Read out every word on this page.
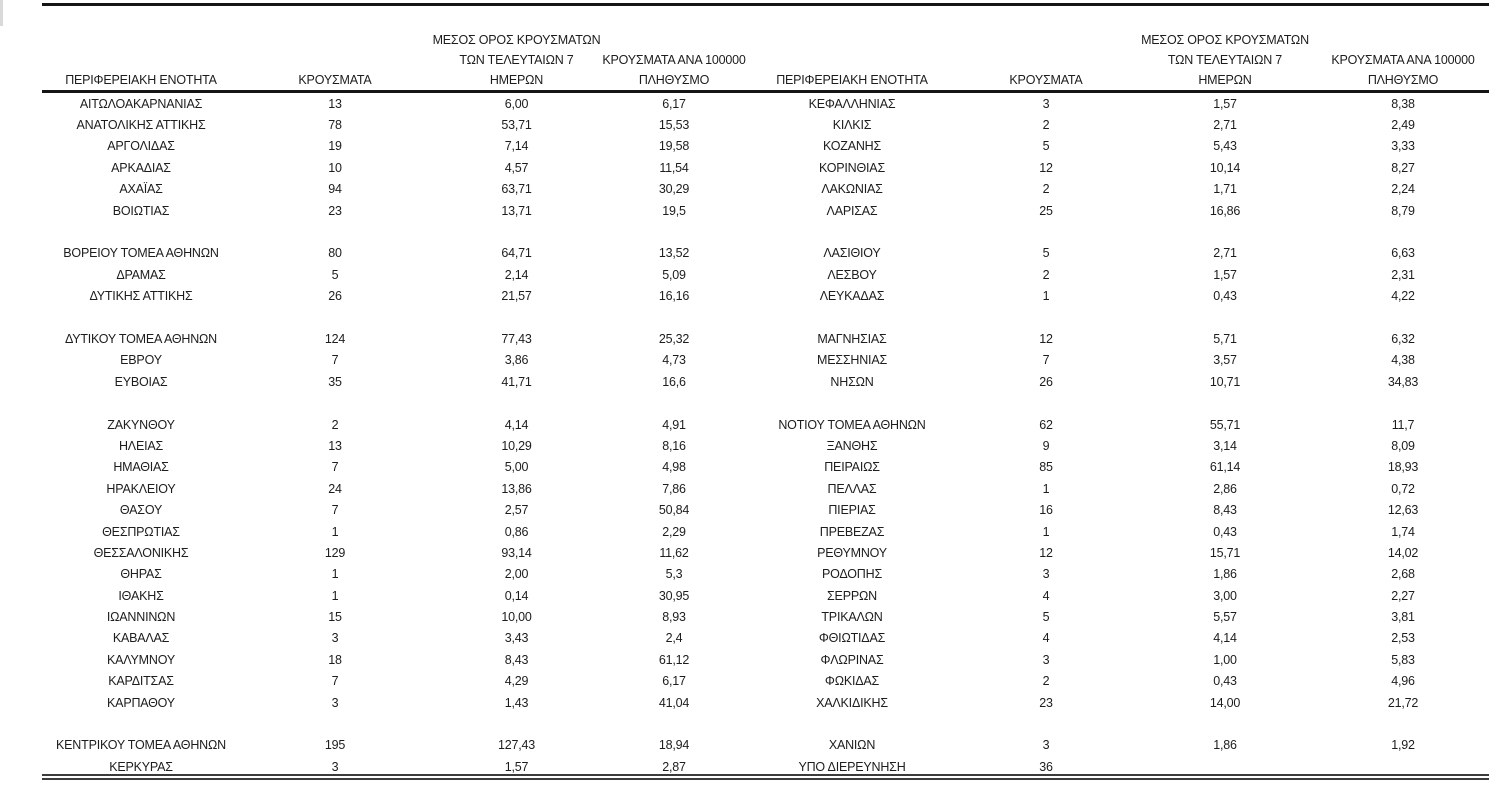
ΠΕΡΙΦΕΡΕΙΑΚΗ ΕΝΟΤΗΤΑ	ΚΡΟΥΣΜΑΤΑ
ΜΕΣΟΣ ΟΡΟΣ ΚΡΟΥΣΜΑΤΩΝ
ΤΩΝ ΤΕΛΕΥΤΑΙΩΝ 7
ΗΜΕΡΩΝ
ΚΡΟΥΣΜΑΤΑ ΑΝΑ 100000
ΠΛΗΘΥΣΜΟ
ΑΙΤΩΛΟΑΚΑΡΝΑΝΙΑΣ	13	6,00	6,17
ΑΝΑΤΟΛΙΚΗΣ ΑΤΤΙΚΗΣ	78	53,71	15,53
ΑΡΓΟΛΙΔΑΣ	19	7,14	19,58
ΑΡΚΑΔΙΑΣ	10	4,57	11,54
ΑΧΑΪΑΣ	94	63,71	30,29
ΒΟΙΩΤΙΑΣ	23	13,71	19,5
ΒΟΡΕΙΟΥ ΤΟΜΕΑ ΑΘΗΝΩΝ	80	64,71	13,52
ΔΡΑΜΑΣ	5	2,14	5,09
ΔΥΤΙΚΗΣ ΑΤΤΙΚΗΣ	26	21,57	16,16
ΔΥΤΙΚΟΥ ΤΟΜΕΑ ΑΘΗΝΩΝ	124	77,43	25,32
ΕΒΡΟΥ	7	3,86	4,73
ΕΥΒΟΙΑΣ	35	41,71	16,6
ΖΑΚΥΝΘΟΥ	2	4,14	4,91
ΗΛΕΙΑΣ	13	10,29	8,16
ΗΜΑΘΙΑΣ	7	5,00	4,98
ΗΡΑΚΛΕΙΟΥ	24	13,86	7,86
ΘΑΣΟΥ	7	2,57	50,84
ΘΕΣΠΡΩΤΙΑΣ	1	0,86	2,29
ΘΕΣΣΑΛΟΝΙΚΗΣ	129	93,14	11,62
ΘΗΡΑΣ	1	2,00	5,3
ΙΘΑΚΗΣ	1	0,14	30,95
ΙΩΑΝΝΙΝΩΝ	15	10,00	8,93
ΚΑΒΑΛΑΣ	3	3,43	2,4
ΚΑΛΥΜΝΟΥ	18	8,43	61,12
ΚΑΡΔΙΤΣΑΣ	7	4,29	6,17
ΚΑΡΠΑΘΟΥ	3	1,43	41,04
ΚΕΝΤΡΙΚΟΥ ΤΟΜΕΑ ΑΘΗΝΩΝ	195	127,43	18,94
ΚΕΡΚΥΡΑΣ	3	1,57	2,87
ΠΕΡΙΦΕΡΕΙΑΚΗ ΕΝΟΤΗΤΑ	ΚΡΟΥΣΜΑΤΑ
ΜΕΣΟΣ ΟΡΟΣ ΚΡΟΥΣΜΑΤΩΝ
ΤΩΝ ΤΕΛΕΥΤΑΙΩΝ 7
ΗΜΕΡΩΝ
ΚΡΟΥΣΜΑΤΑ ΑΝΑ 100000
ΠΛΗΘΥΣΜΟ
ΚΕΦΑΛΛΗΝΙΑΣ	3	1,57	8,38
ΚΙΛΚΙΣ	2	2,71	2,49
ΚΟΖΑΝΗΣ	5	5,43	3,33
ΚΟΡΙΝΘΙΑΣ	12	10,14	8,27
ΛΑΚΩΝΙΑΣ	2	1,71	2,24
ΛΑΡΙΣΑΣ	25	16,86	8,79
ΛΑΣΙΘΙΟΥ	5	2,71	6,63
ΛΕΣΒΟΥ	2	1,57	2,31
ΛΕΥΚΑΔΑΣ	1	0,43	4,22
ΜΑΓΝΗΣΙΑΣ	12	5,71	6,32
ΜΕΣΣΗΝΙΑΣ	7	3,57	4,38
ΝΗΣΩΝ	26	10,71	34,83
ΝΟΤΙΟΥ ΤΟΜΕΑ ΑΘΗΝΩΝ	62	55,71	11,7
ΞΑΝΘΗΣ	9	3,14	8,09
ΠΕΙΡΑΙΩΣ	85	61,14	18,93
ΠΕΛΛΑΣ	1	2,86	0,72
ΠΙΕΡΙΑΣ	16	8,43	12,63
ΠΡΕΒΕΖΑΣ	1	0,43	1,74
ΡΕΘΥΜΝΟΥ	12	15,71	14,02
ΡΟΔΟΠΗΣ	3	1,86	2,68
ΣΕΡΡΩΝ	4	3,00	2,27
ΤΡΙΚΑΛΩΝ	5	5,57	3,81
ΦΘΙΩΤΙΔΑΣ	4	4,14	2,53
ΦΛΩΡΙΝΑΣ	3	1,00	5,83
ΦΩΚΙΔΑΣ	2	0,43	4,96
ΧΑΛΚΙΔΙΚΗΣ	23	14,00	21,72
ΧΑΝΙΩΝ	3	1,86	1,92
ΥΠΟ ΔΙΕΡΕΥΝΗΣΗ	36
